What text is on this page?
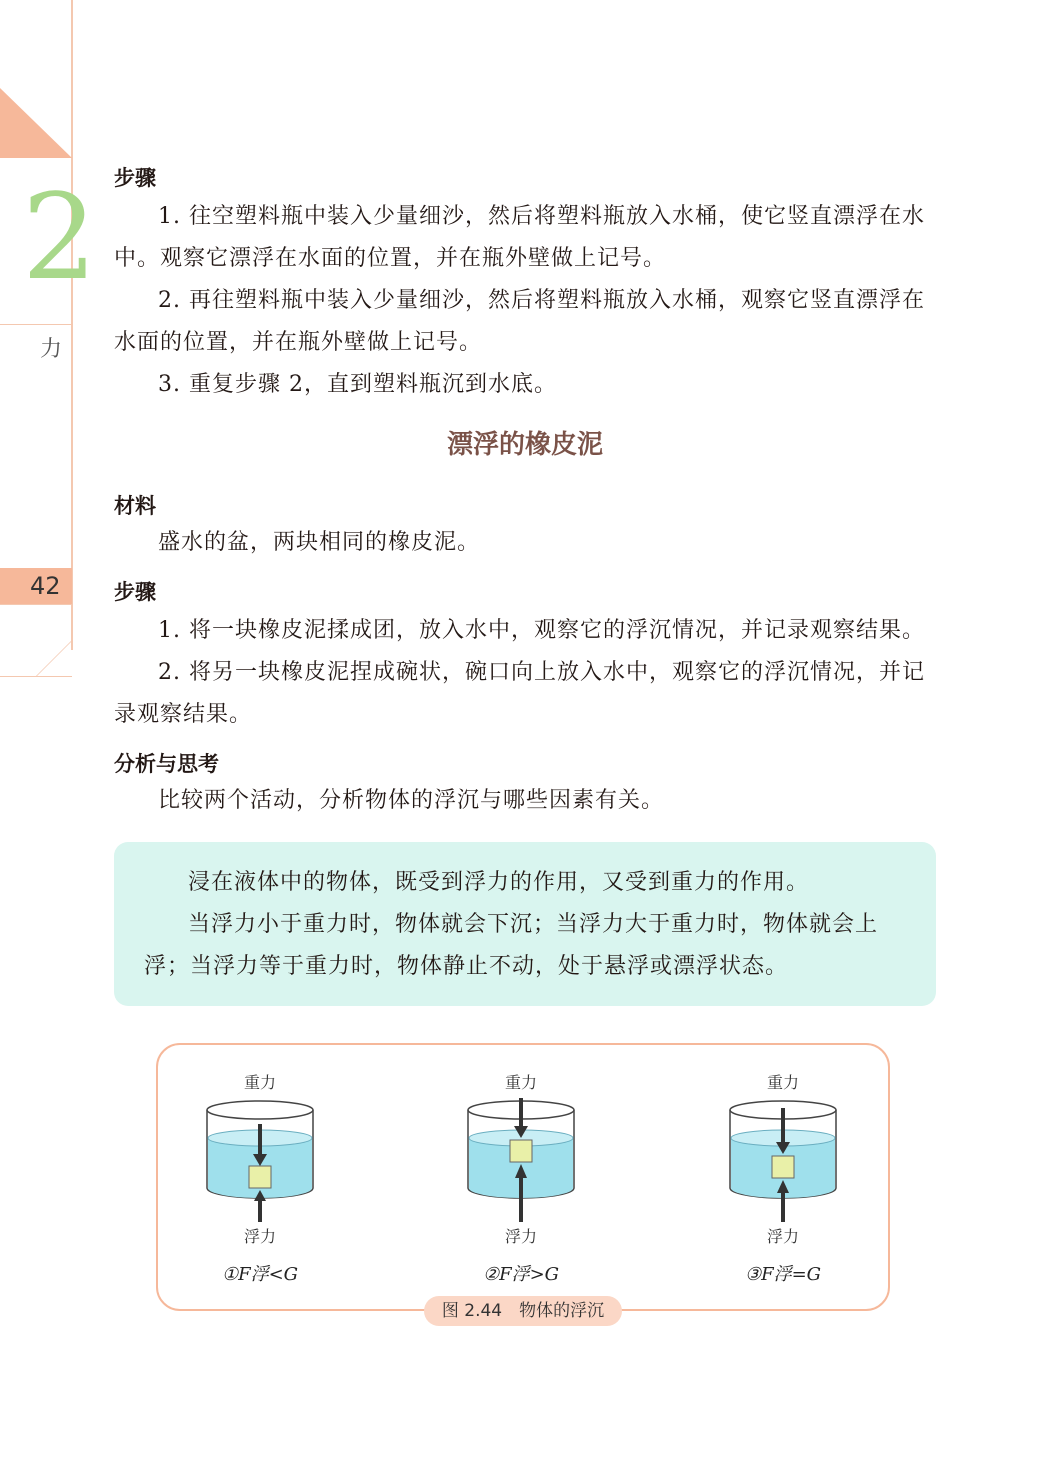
2
力
42
步骤

1. 往空塑料瓶中装入少量细沙，然后将塑料瓶放入水桶，使它竖直漂浮在水中。观察它漂浮在水面的位置，并在瓶外壁做上记号。

2. 再往塑料瓶中装入少量细沙，然后将塑料瓶放入水桶，观察它竖直漂浮在水面的位置，并在瓶外壁做上记号。

3. 重复步骤 2，直到塑料瓶沉到水底。

漂浮的橡皮泥
材料

盛水的盆，两块相同的橡皮泥。

步骤

1. 将一块橡皮泥揉成团，放入水中，观察它的浮沉情况，并记录观察结果。

2. 将另一块橡皮泥捏成碗状，碗口向上放入水中，观察它的浮沉情况，并记录观察结果。

分析与思考

比较两个活动，分析物体的浮沉与哪些因素有关。

浸在液体中的物体，既受到浮力的作用，又受到重力的作用。

当浮力小于重力时，物体就会下沉；当浮力大于重力时，物体就会上浮；当浮力等于重力时，物体静止不动，处于悬浮或漂浮状态。

重力
浮力
①F浮<G
重力
浮力
②F浮>G
重力
浮力
③F浮=G
图 2.44　物体的浮沉
